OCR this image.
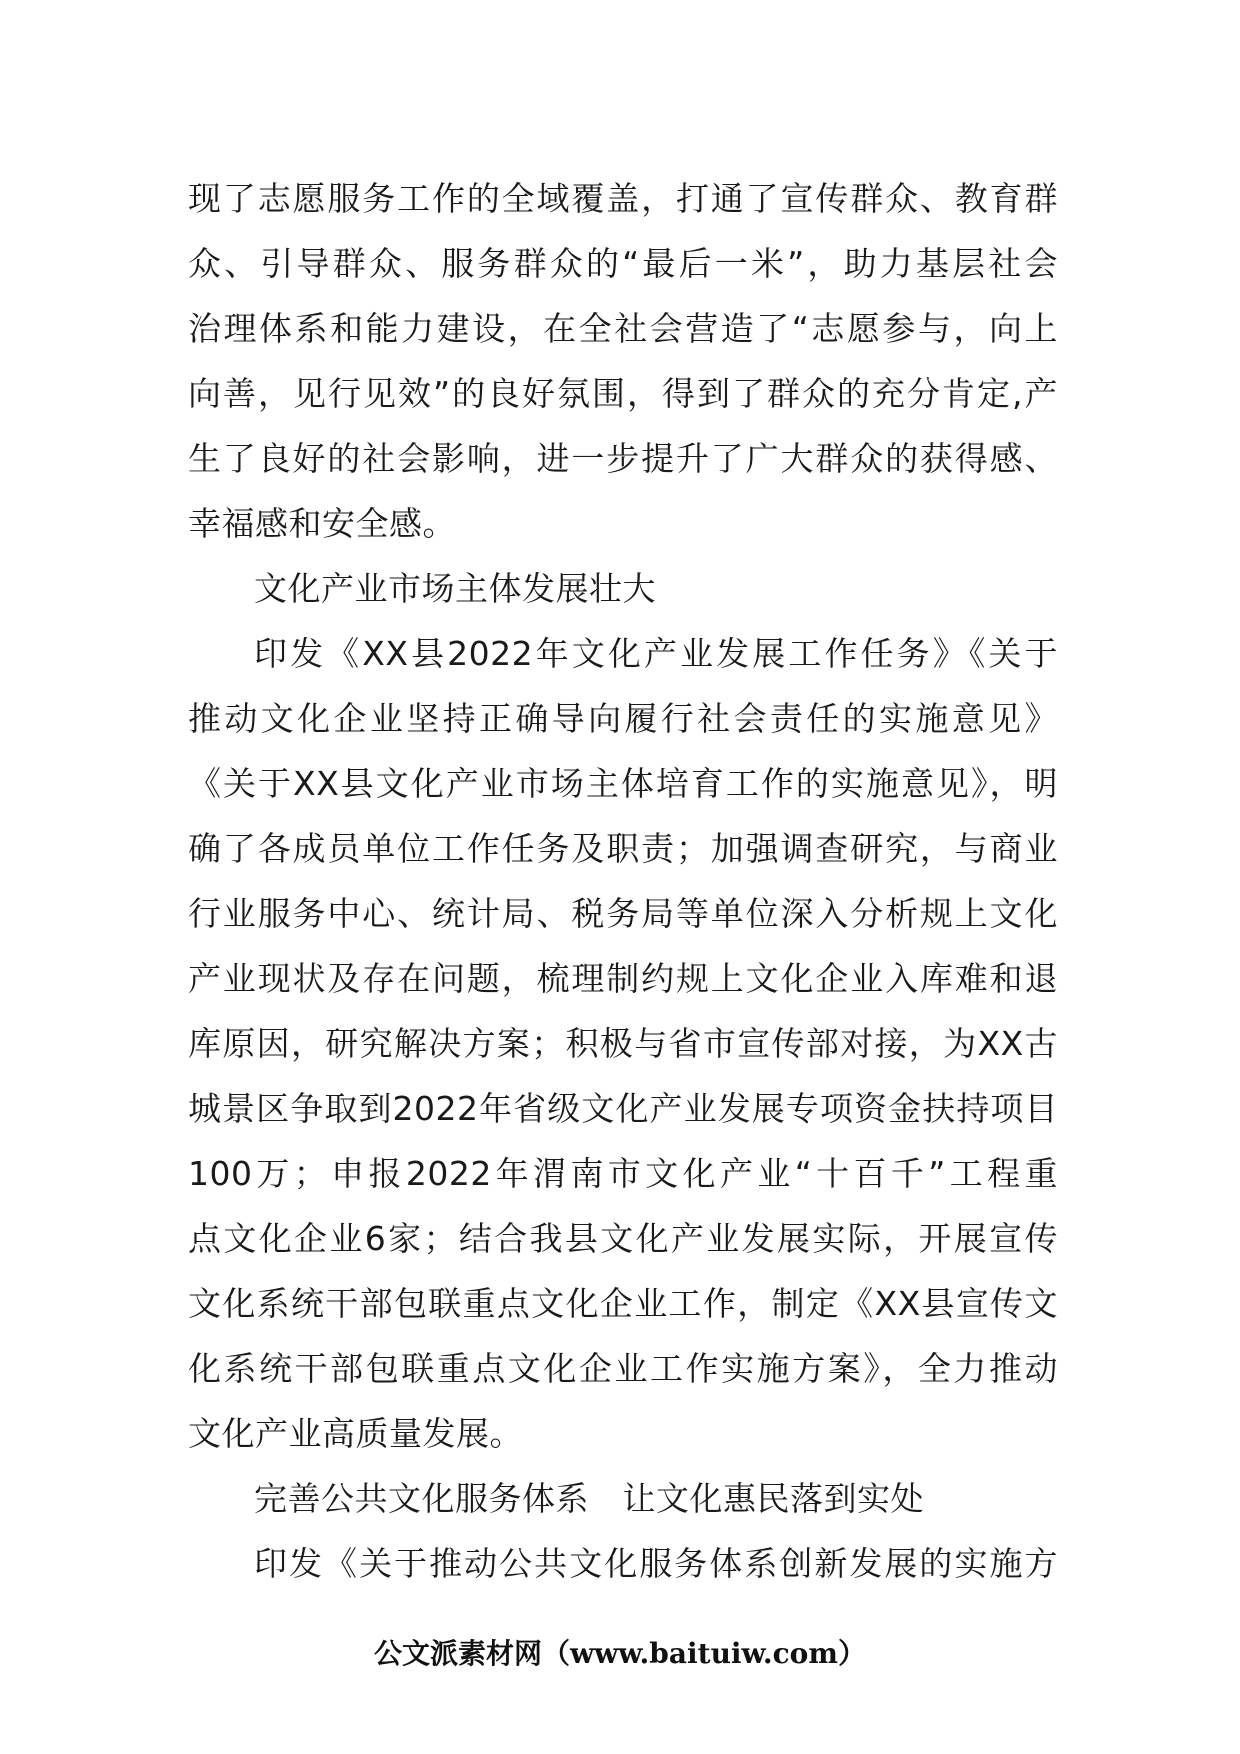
现了志愿服务工作的全域覆盖，打通了宣传群众、教育群
众、引导群众、服务群众的“最后一米”，助力基层社会
治理体系和能力建设，在全社会营造了“志愿参与，向上
向善，见行见效”的良好氛围，得到了群众的充分肯定,产
生了良好的社会影响，进一步提升了广大群众的获得感、
幸福感和安全感。
文化产业市场主体发展壮大
印发《XX县2022年文化产业发展工作任务》《关于
推动文化企业坚持正确导向履行社会责任的实施意见》
《关于XX县文化产业市场主体培育工作的实施意见》，明
确了各成员单位工作任务及职责；加强调查研究，与商业
行业服务中心、统计局、税务局等单位深入分析规上文化
产业现状及存在问题，梳理制约规上文化企业入库难和退
库原因，研究解决方案；积极与省市宣传部对接，为XX古
城景区争取到2022年省级文化产业发展专项资金扶持项目
100万；申报2022年渭南市文化产业“十百千”工程重
点文化企业6家；结合我县文化产业发展实际，开展宣传
文化系统干部包联重点文化企业工作，制定《XX县宣传文
化系统干部包联重点文化企业工作实施方案》，全力推动
文化产业高质量发展。
完善公共文化服务体系　让文化惠民落到实处
印发《关于推动公共文化服务体系创新发展的实施方
公文派素材网（www.baituiw.com）
